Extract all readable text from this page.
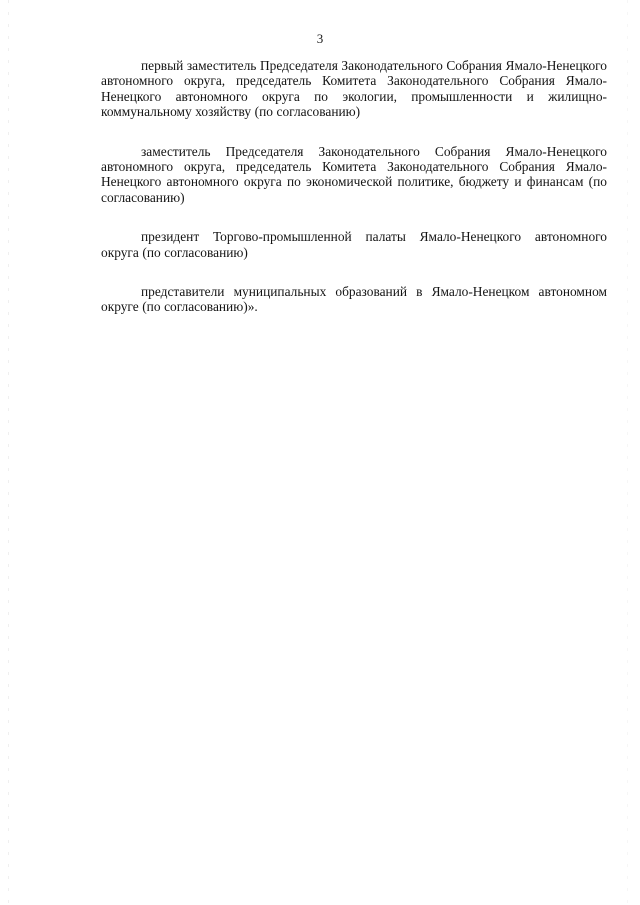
3

первый заместитель Председателя Законодательного Собрания Ямало-Ненецкого автономного округа, председатель Комитета Законодательного Собрания Ямало-Ненецкого автономного округа по экологии, промышленности и жилищно-коммунальному хозяйству (по согласованию)

заместитель Председателя Законодательного Собрания Ямало-Ненецкого автономного округа, председатель Комитета Законодательного Собрания Ямало-Ненецкого автономного округа по экономической политике, бюджету и финансам (по согласованию)

президент Торгово-промышленной палаты Ямало-Ненецкого автономного округа (по согласованию)

представители муниципальных образований в Ямало-Ненецком автономном округе (по согласованию)».
